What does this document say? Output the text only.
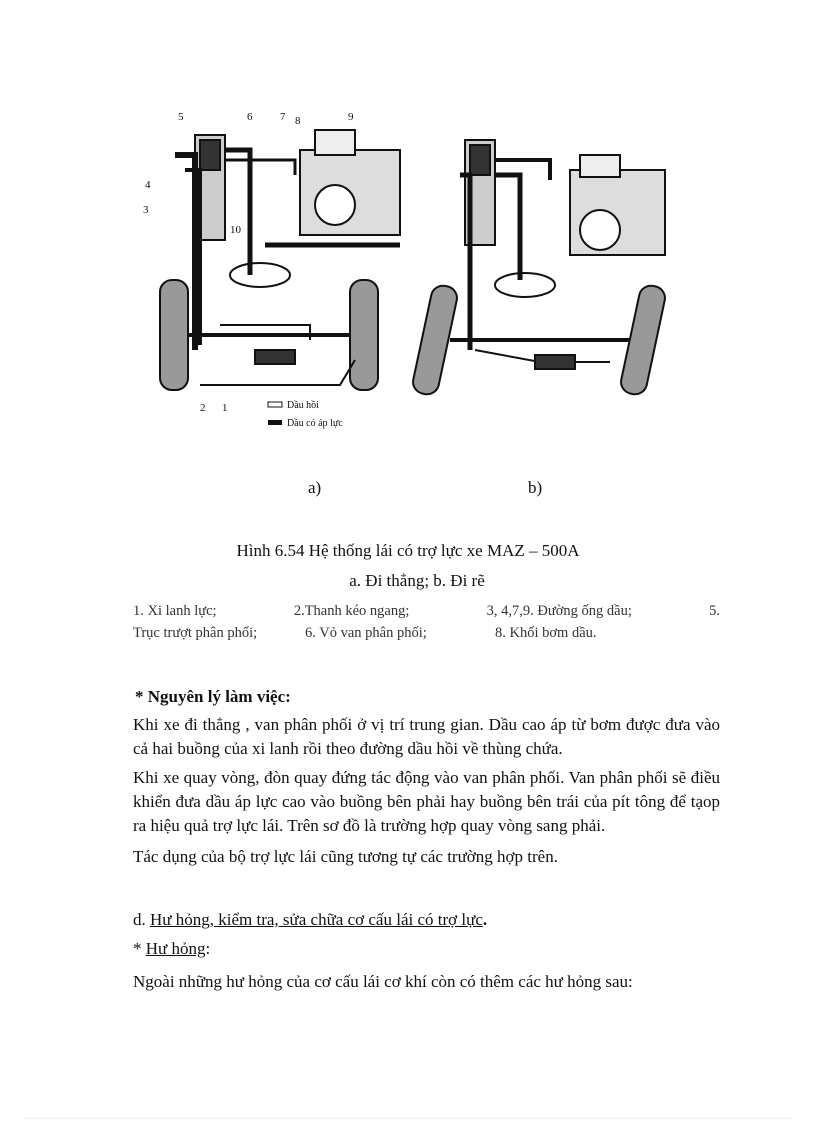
5	6	7 8	9
4
3
10
2 1	Dầu hồi
Dầu có áp lực
a)	b)
Hình 6.54 Hệ thống lái có trợ lực xe MAZ – 500A
a. Đi thẳng; b. Đi rẽ
1. Xi lanh lực;	2.Thanh kéo ngang;	3, 4,7,9. Đường ống dầu;	5.
Trục trượt phân phối;	6. Vỏ van phân phối;	8. Khối bơm dầu.
* Nguyên lý làm việc:
Khi xe đi thẳng , van phân phối ở vị trí trung gian. Dầu cao áp từ bơm được đưa vào cả hai buồng của xi lanh rồi theo đường dầu hồi về thùng chứa.
Khi xe quay vòng, đòn quay đứng tác động vào van phân phối. Van phân phối sẽ điều khiển đưa dầu áp lực cao vào buồng bên phải hay buồng bên trái của pít tông để tạop ra hiệu quả trợ lực lái. Trên sơ đồ là trường hợp quay vòng sang phải.
Tác dụng của bộ trợ lực lái cũng tương tự các trường hợp trên.
d. Hư hỏng, kiểm tra, sửa chữa cơ cấu lái có trợ lực.
* Hư hỏng:
Ngoài những hư hỏng của cơ cấu lái cơ khí còn có thêm các hư hỏng sau:
